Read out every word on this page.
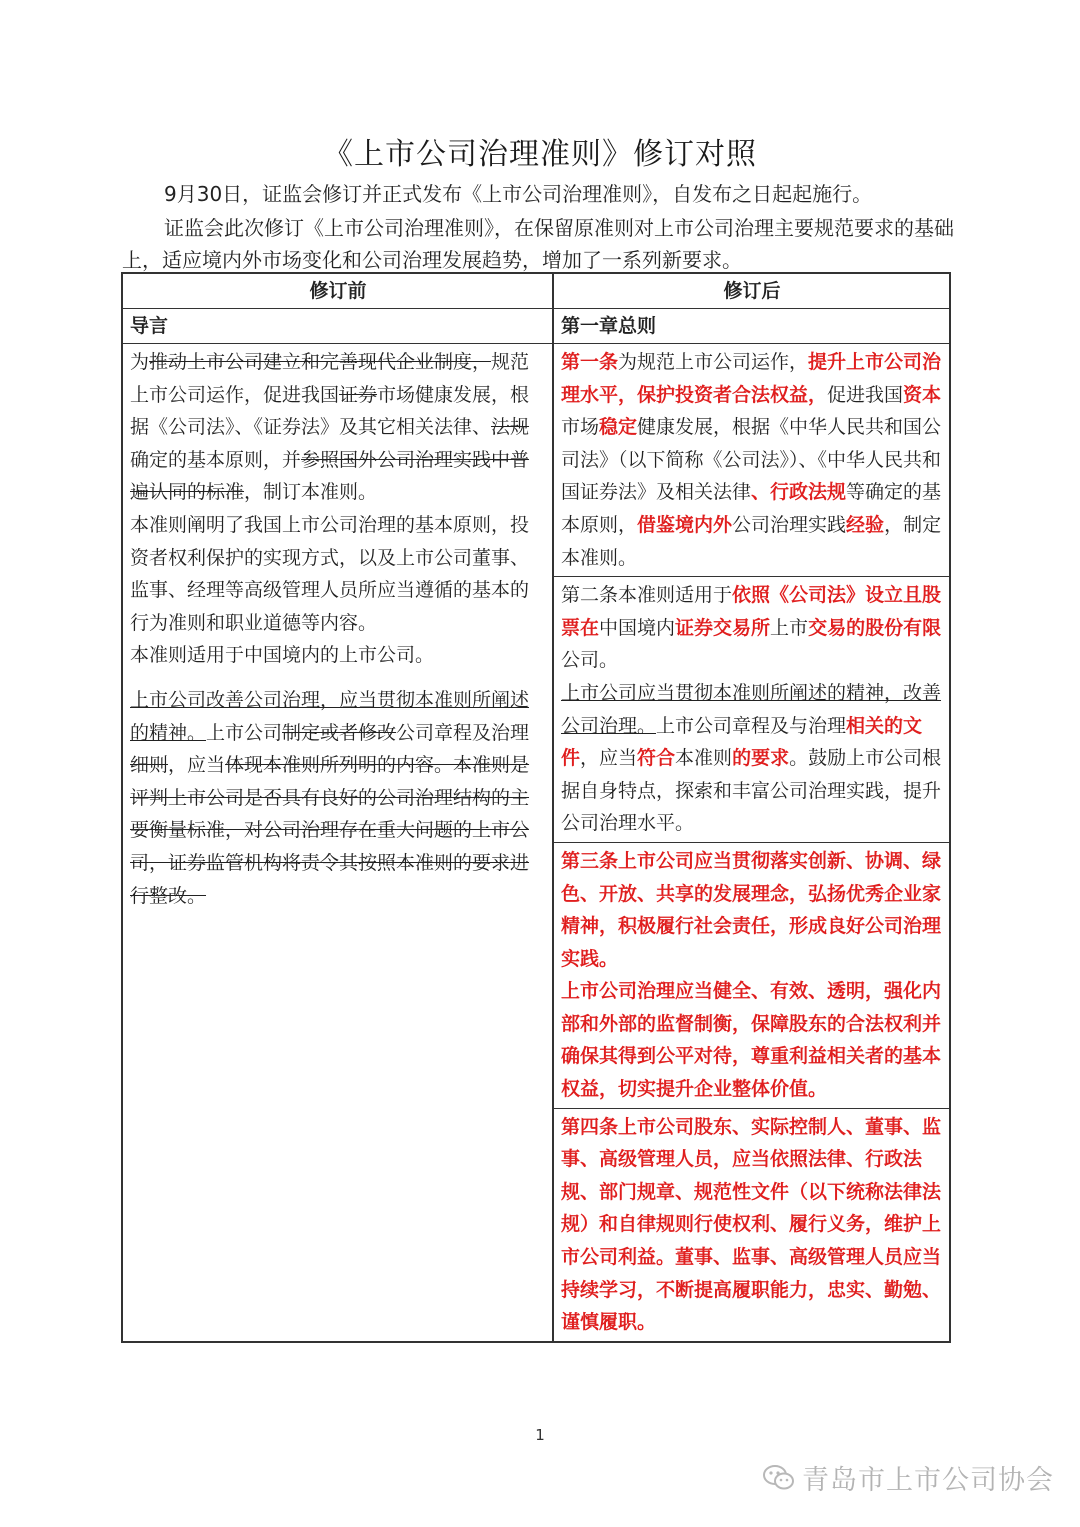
《上市公司治理准则》修订对照

9月30日，证监会修订并正式发布《上市公司治理准则》，自发布之日起起施行。

证监会此次修订《上市公司治理准则》，在保留原准则对上市公司治理主要规范要求的基础上，适应境内外市场变化和公司治理发展趋势，增加了一系列新要求。

修订前	修订后
导言	第一章总则

为推动上市公司建立和完善现代企业制度，规范上市公司运作，促进我国证券市场健康发展，根据《公司法》、《证券法》及其它相关法律、法规确定的基本原则，并参照国外公司治理实践中普遍认同的标准，制订本准则。

本准则阐明了我国上市公司治理的基本原则，投资者权利保护的实现方式，以及上市公司董事、监事、经理等高级管理人员所应当遵循的基本的行为准则和职业道德等内容。

本准则适用于中国境内的上市公司。

上市公司改善公司治理，应当贯彻本准则所阐述的精神。上市公司制定或者修改公司章程及治理细则，应当体现本准则所列明的内容。本准则是评判上市公司是否具有良好的公司治理结构的主要衡量标准，对公司治理存在重大问题的上市公司，证券监管机构将责令其按照本准则的要求进行整改。

第一条为规范上市公司运作，提升上市公司治理水平，保护投资者合法权益，促进我国资本市场稳定健康发展，根据《中华人民共和国公司法》（以下简称《公司法》）、《中华人民共和国证券法》及相关法律、行政法规等确定的基本原则，借鉴境内外公司治理实践经验，制定本准则。
第二条本准则适用于依照《公司法》设立且股票在中国境内证券交易所上市交易的股份有限公司。
上市公司应当贯彻本准则所阐述的精神，改善公司治理。上市公司章程及与治理相关的文件，应当符合本准则的要求。鼓励上市公司根据自身特点，探索和丰富公司治理实践，提升公司治理水平。
第三条上市公司应当贯彻落实创新、协调、绿色、开放、共享的发展理念，弘扬优秀企业家精神，积极履行社会责任，形成良好公司治理实践。
上市公司治理应当健全、有效、透明，强化内部和外部的监督制衡，保障股东的合法权利并确保其得到公平对待，尊重利益相关者的基本权益，切实提升企业整体价值。
第四条上市公司股东、实际控制人、董事、监事、高级管理人员，应当依照法律、行政法规、部门规章、规范性文件（以下统称法律法规）和自律规则行使权利、履行义务，维护上市公司利益。董事、监事、高级管理人员应当持续学习，不断提高履职能力，忠实、勤勉、谨慎履职。
1
青岛市上市公司协会
